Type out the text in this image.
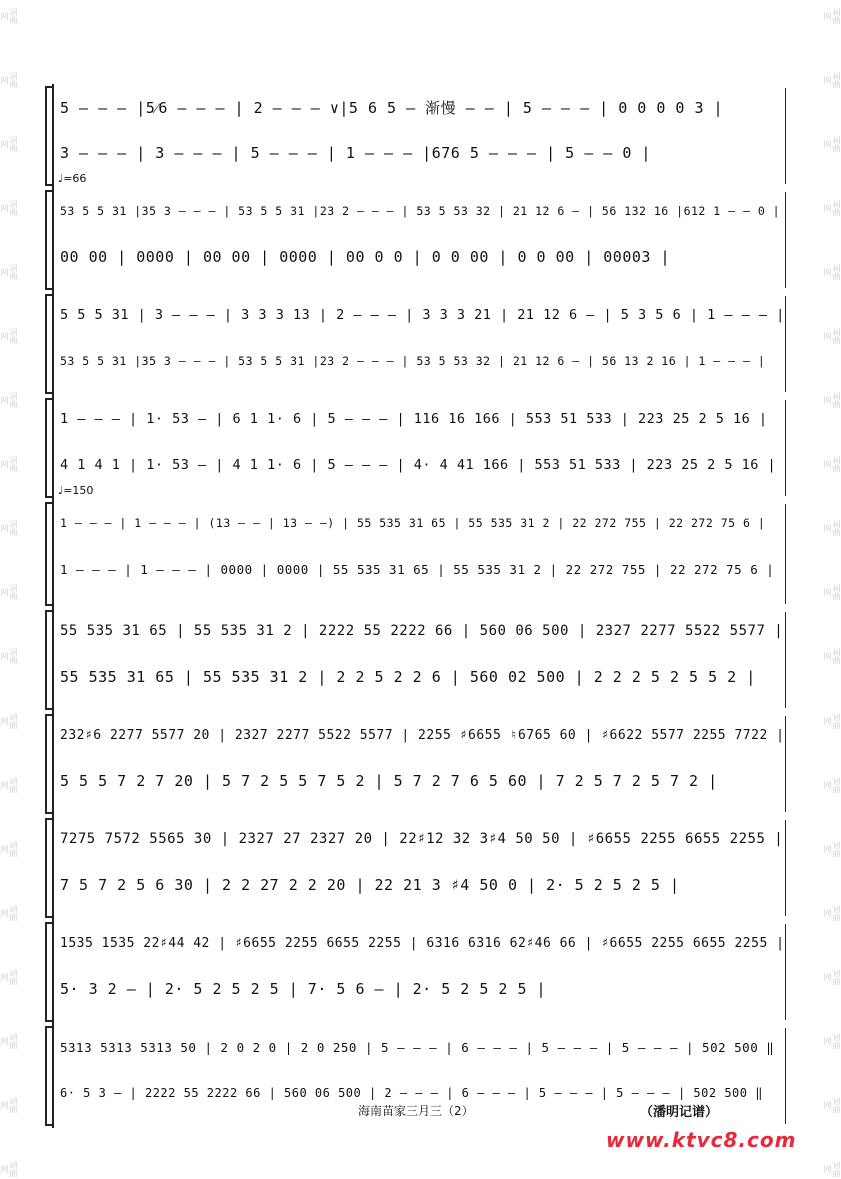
词曲网
词曲网
词曲网
词曲网
词曲网
词曲网
词曲网
词曲网
词曲网
词曲网
词曲网
词曲网
词曲网
词曲网
词曲网
词曲网
词曲网
词曲网
词曲网
词曲网
词曲网
词曲网
词曲网
词曲网
词曲网
词曲网
词曲网
词曲网
词曲网
词曲网
词曲网
词曲网
词曲网
词曲网
词曲网
词曲网
词曲网
词曲网
5 – – – |5⁄6 – – – | 2 – – – ∨|5 6 5 – 渐慢 – – | 5 – – – | 0 0 0 0 3 |
3 – – – | 3 – – – | 5 – – – | 1 – – – |676 5 – – – | 5 – – 0 |
♩=66
53 5 5 31 |35 3 – – – | 53 5 5 31 |23 2 – – – | 53 5 53 32 | 21 12 6 – | 56 132 16 |612 1 – – 0 |
00 00 | 0000 | 00 00 | 0000 | 00 0 0 | 0 0 00 | 0 0 00 | 00003 |
5 5 5 31 | 3 – – – | 3 3 3 13 | 2 – – – | 3 3 3 21 | 21 12 6 – | 5 3 5 6 | 1 – – – |
53 5 5 31 |35 3 – – – | 53 5 5 31 |23 2 – – – | 53 5 53 32 | 21 12 6 – | 56 13 2 16 | 1 – – – |
1 – – – | 1· 53 – | 6 1 1· 6 | 5 – – – | 116 16 166 | 553 51 533 | 223 25 2 5 16 |
4 1 4 1 | 1· 53 – | 4 1 1· 6 | 5 – – – | 4· 4 41 166 | 553 51 533 | 223 25 2 5 16 |
♩=150
1 – – – | 1 – – – | (13 – – | 13 – –) | 55 535 31 65 | 55 535 31 2 | 22 272 755 | 22 272 75 6 |
1 – – – | 1 – – – | 0000 | 0000 | 55 535 31 65 | 55 535 31 2 | 22 272 755 | 22 272 75 6 |
55 535 31 65 | 55 535 31 2 | 2222 55 2222 66 | 560 06 500 | 2327 2277 5522 5577 |
55 535 31 65 | 55 535 31 2 | 2 2 5 2 2 6 | 560 02 500 | 2 2 2 5 2 5 5 2 |
232♯6 2277 5577 20 | 2327 2277 5522 5577 | 2255 ♯6655 ♮6765 60 | ♯6622 5577 2255 7722 |
5 5 5 7 2 7 20 | 5 7 2 5 5 7 5 2 | 5 7 2 7 6 5 60 | 7 2 5 7 2 5 7 2 |
7275 7572 5565 30 | 2327 27 2327 20 | 22♯12 32 3♯4 50 50 | ♯6655 2255 6655 2255 |
7 5 7 2 5 6 30 | 2 2 27 2 2 20 | 22 21 3 ♯4 50 0 | 2· 5 2 5 2 5 |
1535 1535 22♯44 42 | ♯6655 2255 6655 2255 | 6316 6316 62♯46 66 | ♯6655 2255 6655 2255 |
5· 3 2 – | 2· 5 2 5 2 5 | 7· 5 6 – | 2· 5 2 5 2 5 |
5313 5313 5313 50 | 2 0 2 0 | 2 0 250 | 5 – – – | 6 – – – | 5 – – – | 5 – – – | 502 500 ‖
6· 5 3 – | 2222 55 2222 66 | 560 06 500 | 2 – – – | 6 – – – | 5 – – – | 5 – – – | 502 500 ‖
海南苗家三月三（2）	（潘明记谱）
www.ktvc8.com
